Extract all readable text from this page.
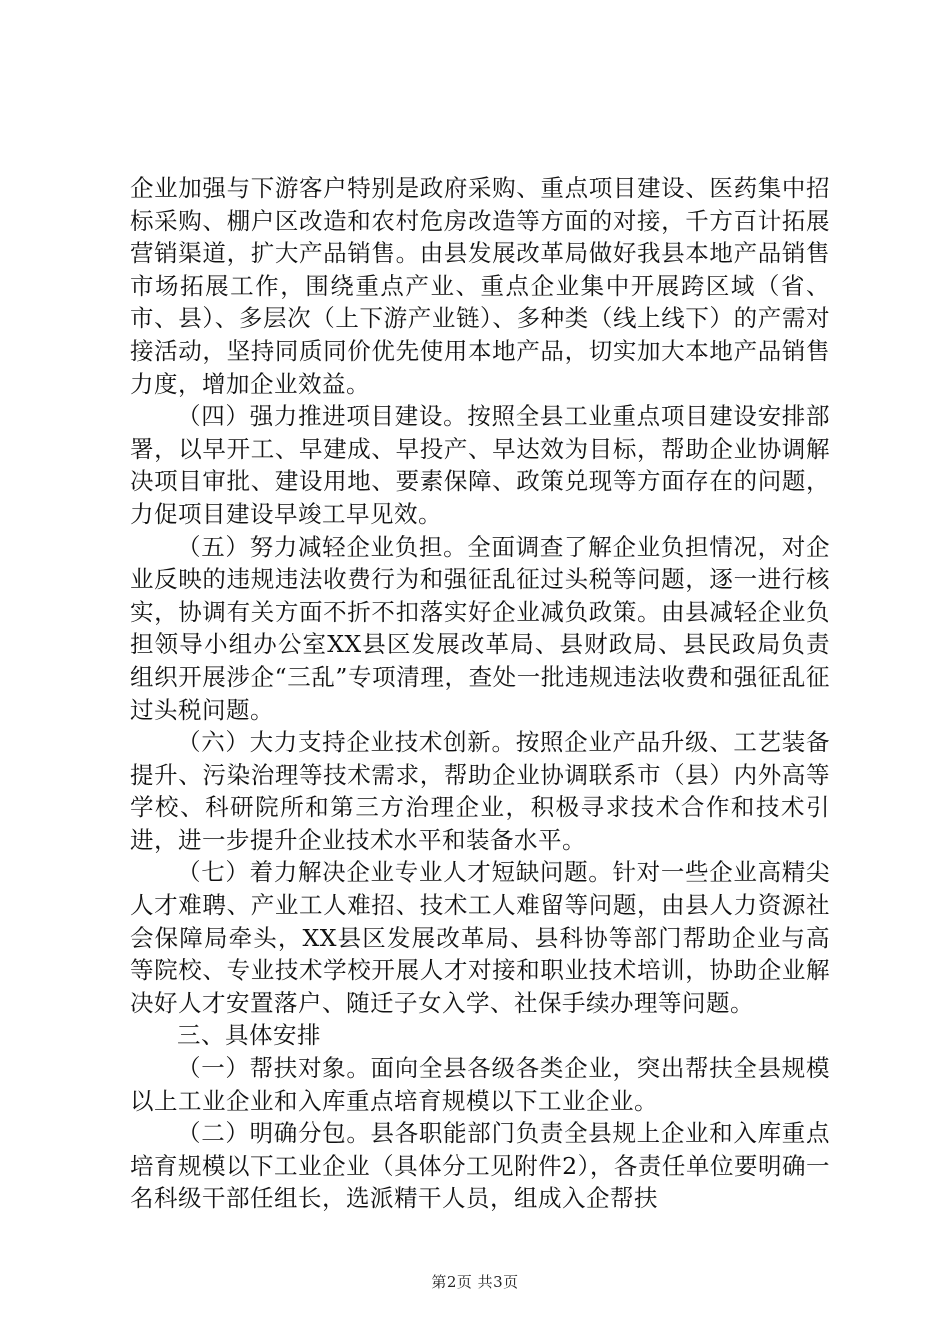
企业加强与下游客户特别是政府采购、重点项目建设、医药集中招标采购、棚户区改造和农村危房改造等方面的对接，千方百计拓展营销渠道，扩大产品销售。由县发展改革局做好我县本地产品销售市场拓展工作，围绕重点产业、重点企业集中开展跨区域（省、市、县）、多层次（上下游产业链）、多种类（线上线下）的产需对接活动，坚持同质同价优先使用本地产品，切实加大本地产品销售力度，增加企业效益。

（四）强力推进项目建设。按照全县工业重点项目建设安排部署，以早开工、早建成、早投产、早达效为目标，帮助企业协调解决项目审批、建设用地、要素保障、政策兑现等方面存在的问题，力促项目建设早竣工早见效。

（五）努力减轻企业负担。全面调查了解企业负担情况，对企业反映的违规违法收费行为和强征乱征过头税等问题，逐一进行核实，协调有关方面不折不扣落实好企业减负政策。由县减轻企业负担领导小组办公室XX县区发展改革局、县财政局、县民政局负责组织开展涉企“三乱”专项清理，查处一批违规违法收费和强征乱征过头税问题。

（六）大力支持企业技术创新。按照企业产品升级、工艺装备提升、污染治理等技术需求，帮助企业协调联系市（县）内外高等学校、科研院所和第三方治理企业，积极寻求技术合作和技术引进，进一步提升企业技术水平和装备水平。

（七）着力解决企业专业人才短缺问题。针对一些企业高精尖人才难聘、产业工人难招、技术工人难留等问题，由县人力资源社会保障局牵头，XX县区发展改革局、县科协等部门帮助企业与高等院校、专业技术学校开展人才对接和职业技术培训，协助企业解决好人才安置落户、随迁子女入学、社保手续办理等问题。

三、具体安排

（一）帮扶对象。面向全县各级各类企业，突出帮扶全县规模以上工业企业和入库重点培育规模以下工业企业。

（二）明确分包。县各职能部门负责全县规上企业和入库重点培育规模以下工业企业（具体分工见附件2），各责任单位要明确一名科级干部任组长，选派精干人员，组成入企帮扶

第2页 共3页
